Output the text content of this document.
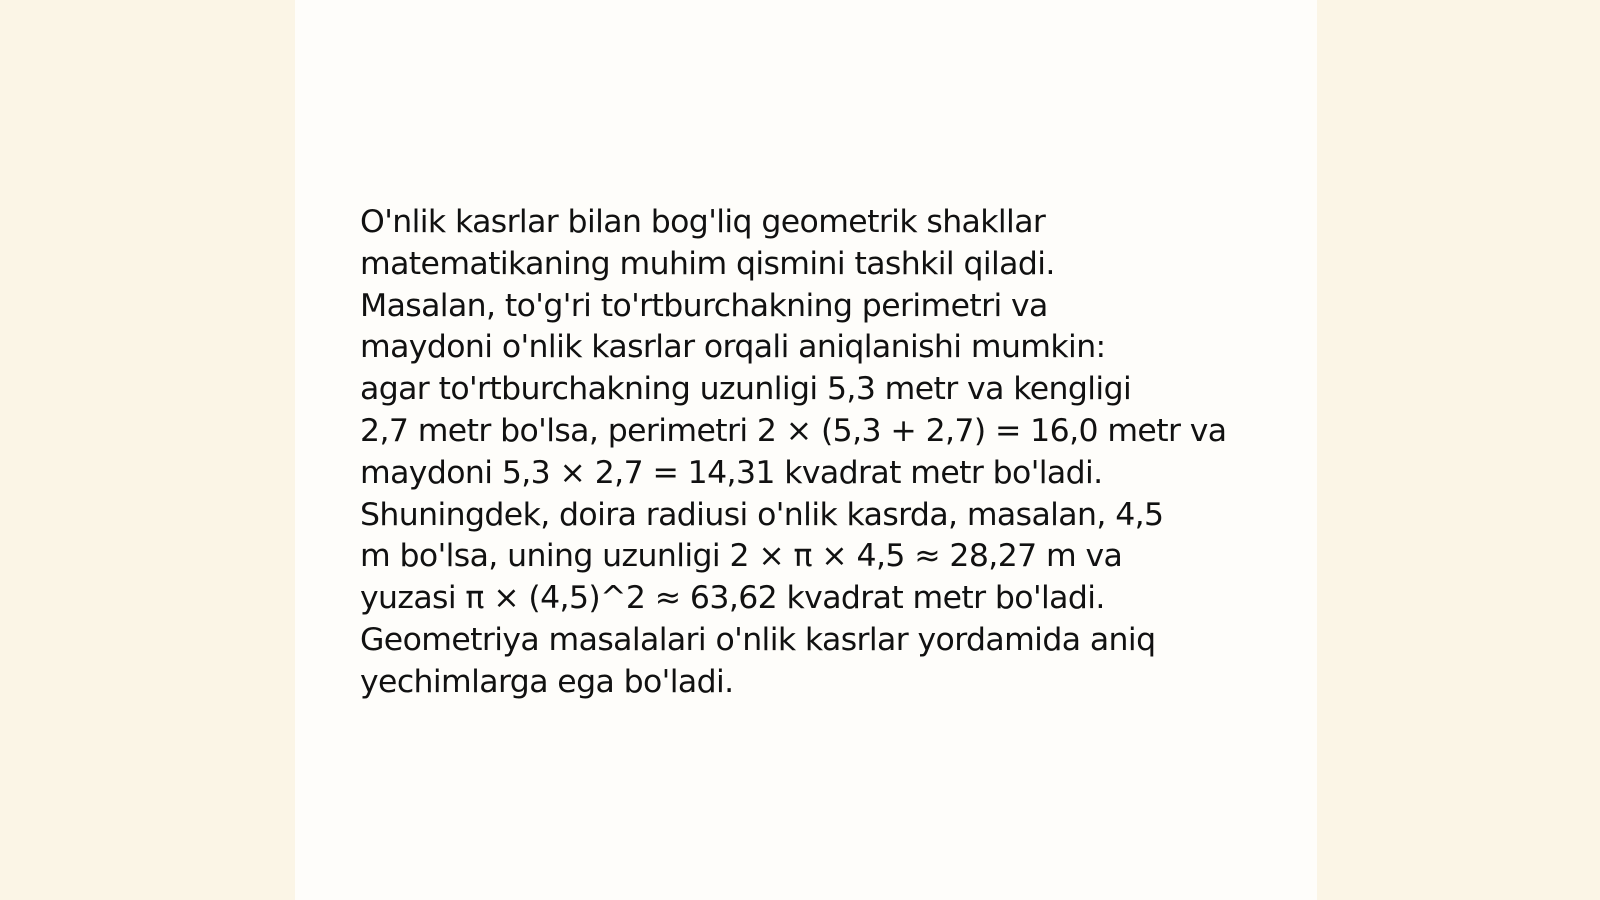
O'nlik kasrlar bilan bog'liq geometrik shakllar
matematikaning muhim qismini tashkil qiladi.
Masalan, to'g'ri to'rtburchakning perimetri va
maydoni o'nlik kasrlar orqali aniqlanishi mumkin:
agar to'rtburchakning uzunligi 5,3 metr va kengligi
2,7 metr bo'lsa, perimetri 2 × (5,3 + 2,7) = 16,0 metr va
maydoni 5,3 × 2,7 = 14,31 kvadrat metr bo'ladi.
Shuningdek, doira radiusi o'nlik kasrda, masalan, 4,5
m bo'lsa, uning uzunligi 2 × π × 4,5 ≈ 28,27 m va
yuzasi π × (4,5)^2 ≈ 63,62 kvadrat metr bo'ladi.
Geometriya masalalari o'nlik kasrlar yordamida aniq
yechimlarga ega bo'ladi.
